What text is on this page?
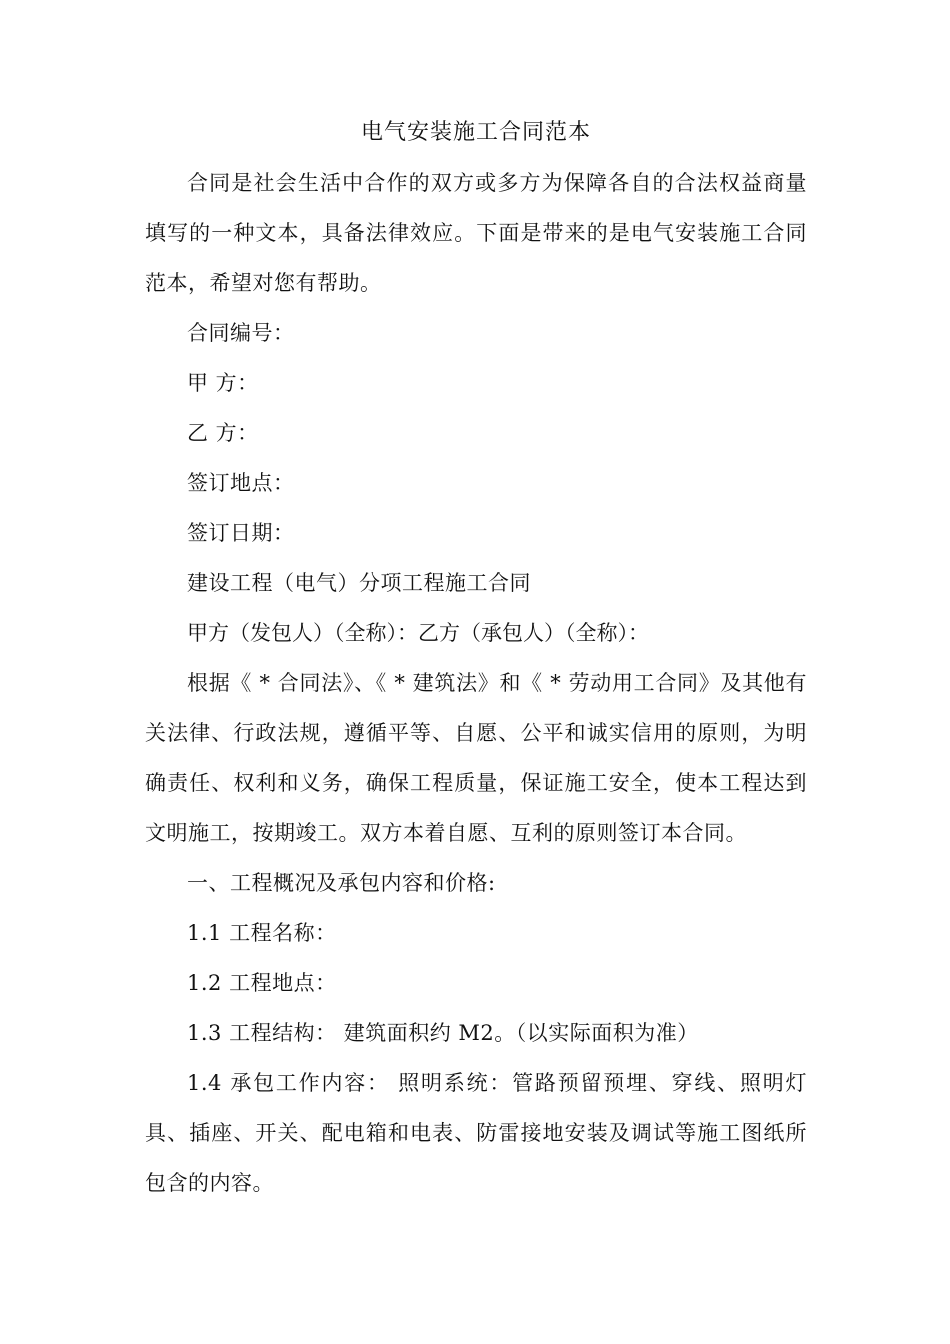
电气安装施工合同范本

合同是社会生活中合作的双方或多方为保障各自的合法权益商量填写的一种文本，具备法律效应。下面是带来的是电气安装施工合同范本，希望对您有帮助。

合同编号：

甲 方：

乙 方：

签订地点：

签订日期：

建设工程（电气）分项工程施工合同

甲方（发包人）（全称）：乙方（承包人）（全称）：

根据《 * 合同法》、《 * 建筑法》和《 * 劳动用工合同》及其他有关法律、行政法规，遵循平等、自愿、公平和诚实信用的原则，为明确责任、权利和义务，确保工程质量，保证施工安全，使本工程达到文明施工，按期竣工。双方本着自愿、互利的原则签订本合同。

一、工程概况及承包内容和价格:

1.1 工程名称：

1.2 工程地点：

1.3 工程结构： 建筑面积约 M2。（以实际面积为准）

1.4 承包工作内容： 照明系统：管路预留预埋、穿线、照明灯具、插座、开关、配电箱和电表、防雷接地安装及调试等施工图纸所包含的内容。
